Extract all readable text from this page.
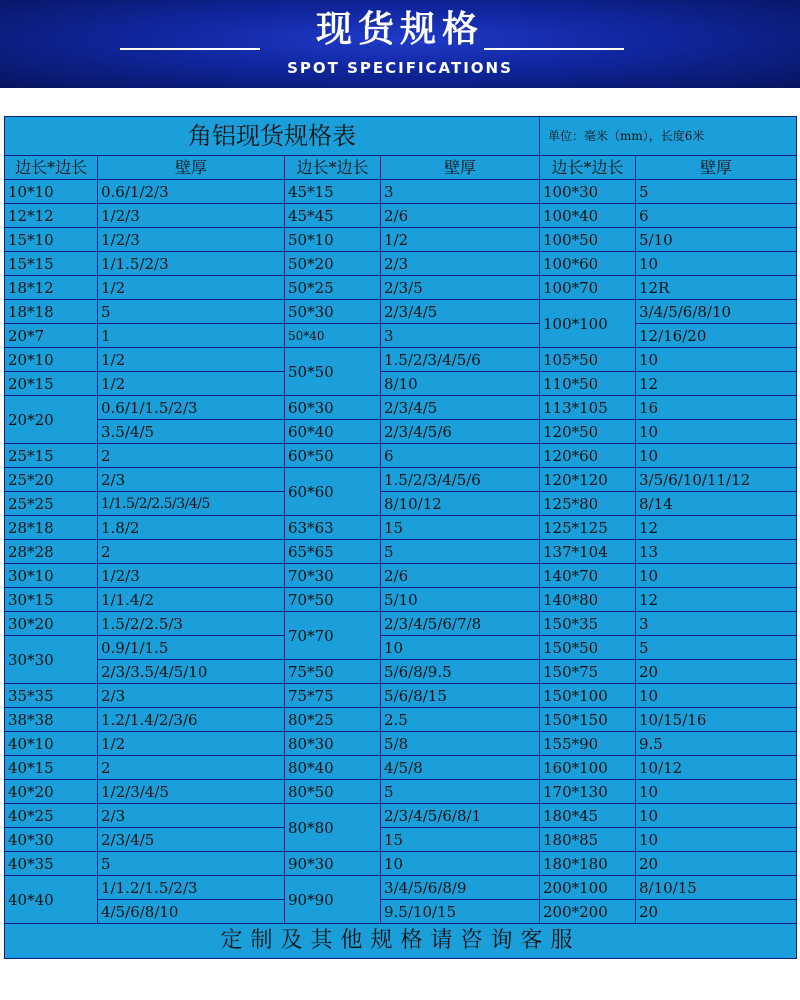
现货规格
SPOT SPECIFICATIONS
角铝现货规格表				单位：毫米（mm），长度6米	
边长*边长	壁厚	边长*边长	壁厚	边长*边长	壁厚
10*10	0.6/1/2/3	45*15	3	100*30	5
12*12	1/2/3	45*45	2/6	100*40	6
15*10	1/2/3	50*10	1/2	100*50	5/10
15*15	1/1.5/2/3	50*20	2/3	100*60	10
18*12	1/2	50*25	2/3/5	100*70	12R
18*18	5	50*30	2/3/4/5	100*100	3/4/5/6/8/10
20*7	1	50*40	3		12/16/20
20*10	1/2	50*50	1.5/2/3/4/5/6	105*50	10
20*15	1/2		8/10	110*50	12
20*20	0.6/1/1.5/2/3	60*30	2/3/4/5	113*105	16
	3.5/4/5	60*40	2/3/4/5/6	120*50	10
25*15	2	60*50	6	120*60	10
25*20	2/3	60*60	1.5/2/3/4/5/6	120*120	3/5/6/10/11/12
25*25	1/1.5/2/2.5/3/4/5		8/10/12	125*80	8/14
28*18	1.8/2	63*63	15	125*125	12
28*28	2	65*65	5	137*104	13
30*10	1/2/3	70*30	2/6	140*70	10
30*15	1/1.4/2	70*50	5/10	140*80	12
30*20	1.5/2/2.5/3	70*70	2/3/4/5/6/7/8	150*35	3
30*30	0.9/1/1.5		10	150*50	5
	2/3/3.5/4/5/10	75*50	5/6/8/9.5	150*75	20
35*35	2/3	75*75	5/6/8/15	150*100	10
38*38	1.2/1.4/2/3/6	80*25	2.5	150*150	10/15/16
40*10	1/2	80*30	5/8	155*90	9.5
40*15	2	80*40	4/5/8	160*100	10/12
40*20	1/2/3/4/5	80*50	5	170*130	10
40*25	2/3	80*80	2/3/4/5/6/8/1	180*45	10
40*30	2/3/4/5		15	180*85	10
40*35	5	90*30	10	180*180	20
40*40	1/1.2/1.5/2/3	90*90	3/4/5/6/8/9	200*100	8/10/15
	4/5/6/8/10		9.5/10/15	200*200	20

定制及其他规格请咨询客服					
